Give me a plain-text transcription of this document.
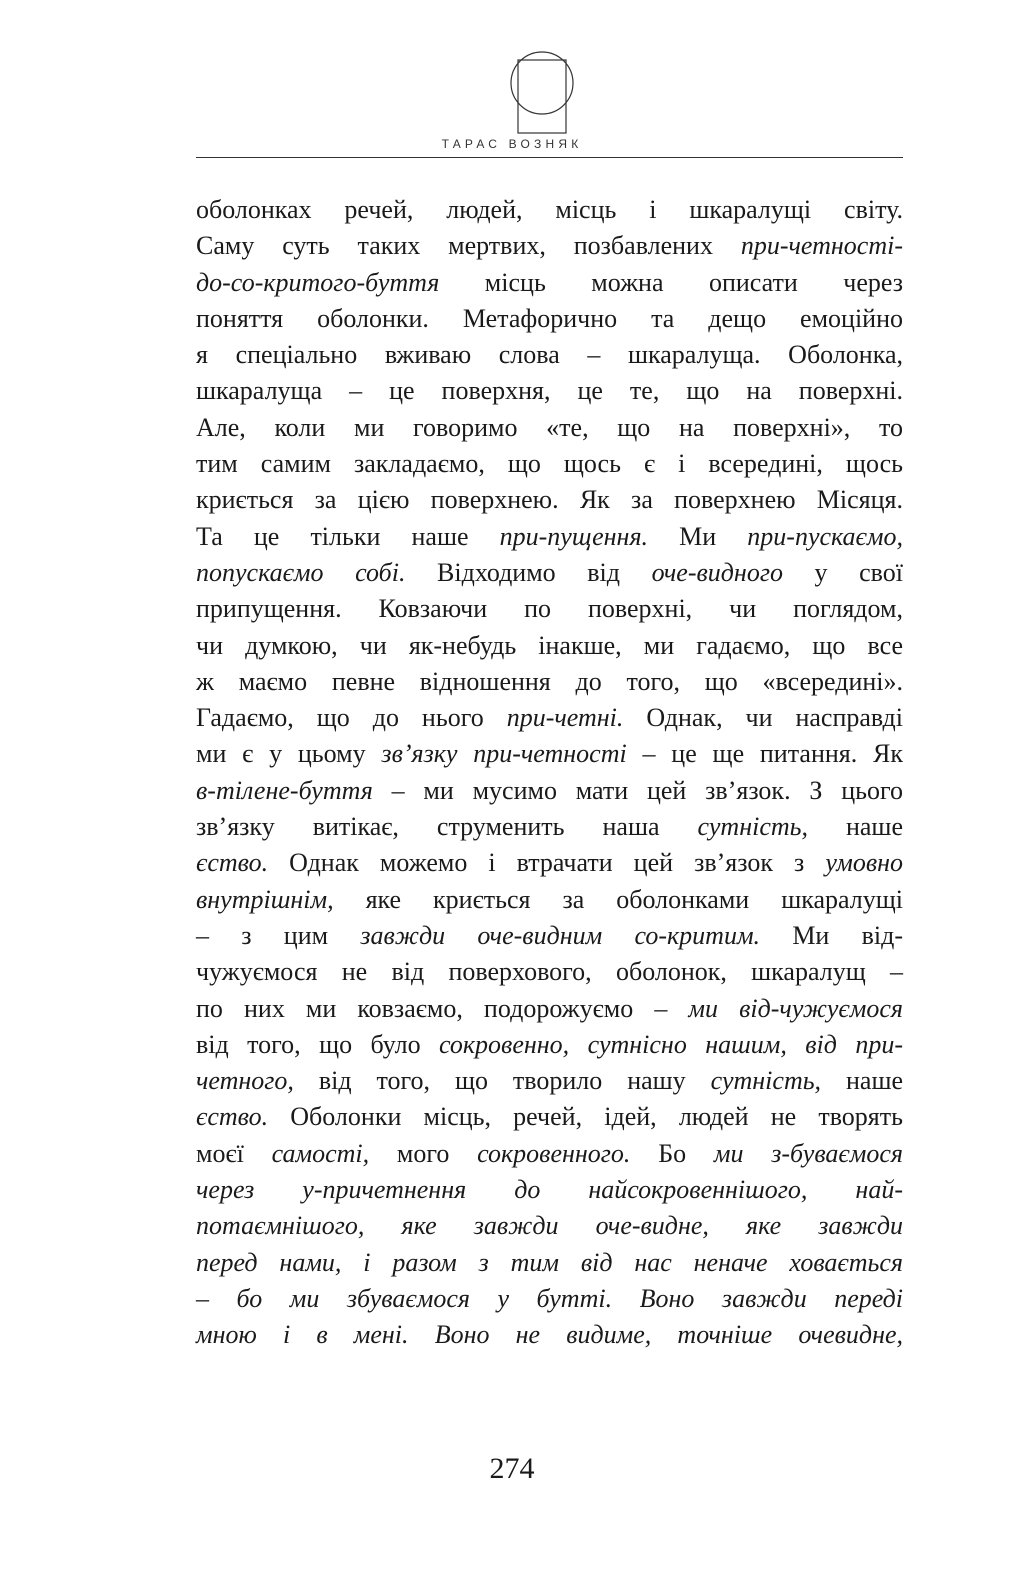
ТАРАС ВОЗНЯК
оболонках речей, людей, місць і шкаралущі світу.
Саму суть таких мертвих, позбавлених при-четності-
до-со-критого-буття місць можна описати через
поняття оболонки. Метафорично та дещо емоційно
я спеціально вживаю слова – шкаралуща. Оболонка,
шкаралуща – це поверхня, це те, що на поверхні.
Але, коли ми говоримо «те, що на поверхні», то
тим самим закладаємо, що щось є і всередині, щось
криється за цією поверхнею. Як за поверхнею Місяця.
Та це тільки наше при-пущення. Ми при-пускаємо,
попускаємо собі. Відходимо від оче-видного у свої
припущення. Ковзаючи по поверхні, чи поглядом,
чи думкою, чи як-небудь інакше, ми гадаємо, що все
ж маємо певне відношення до того, що «всередині».
Гадаємо, що до нього при-четні. Однак, чи насправді
ми є у цьому зв’язку при-четності – це ще питання. Як
в-тілене-буття – ми мусимо мати цей зв’язок. З цього
зв’язку витікає, струменить наша сутність, наше
єство. Однак можемо і втрачати цей зв’язок з умовно
внутрішнім, яке криється за оболонками шкаралущі
– з цим завжди оче-видним со-критим. Ми від-
чужуємося не від поверхового, оболонок, шкаралущ –
по них ми ковзаємо, подорожуємо – ми від-чужуємося
від того, що було сокровенно, сутнісно нашим, від при-
четного, від того, що творило нашу сутність, наше
єство. Оболонки місць, речей, ідей, людей не творять
моєї самості, мого сокровенного. Бо ми з-буваємося
через у-причетнення до найсокровеннішого, най-
потаємнішого, яке завжди оче-видне, яке завжди
перед нами, і разом з тим від нас неначе ховається
– бо ми збуваємося у бутті. Воно завжди переді
мною і в мені. Воно не видиме, точніше очевидне,
274
